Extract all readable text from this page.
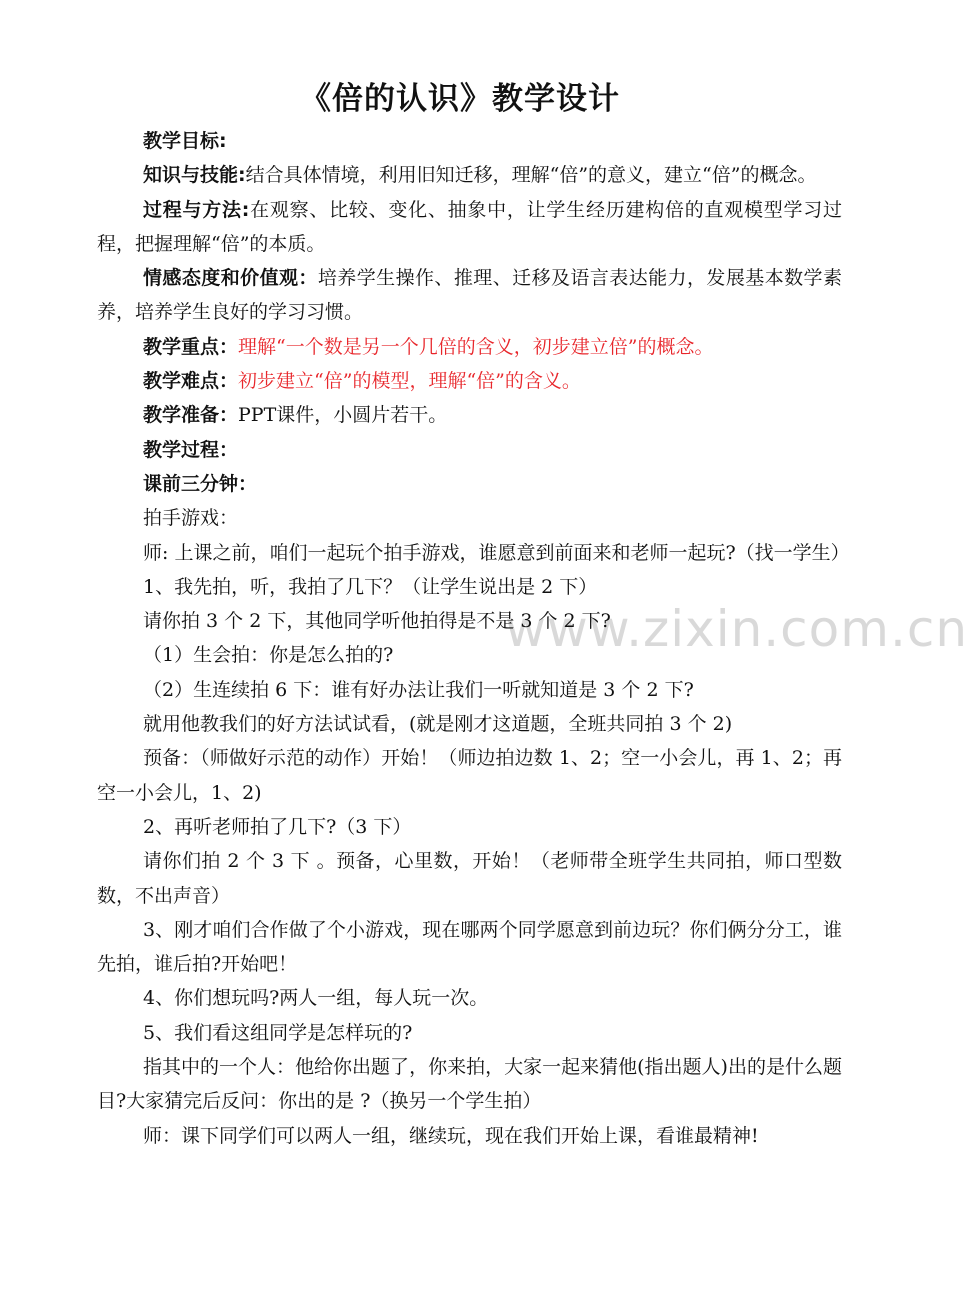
www.zixin.com.cn
《倍的认识》教学设计

教学目标:

知识与技能:结合具体情境，利用旧知迁移，理解“倍”的意义，建立“倍”的概念。

过程与方法:在观察、比较、变化、抽象中，让学生经历建构倍的直观模型学习过程，把握理解“倍”的本质。

情感态度和价值观：培养学生操作、推理、迁移及语言表达能力，发展基本数学素养，培养学生良好的学习习惯。

教学重点：理解“一个数是另一个几倍的含义，初步建立倍”的概念。

教学难点：初步建立“倍”的模型，理解“倍”的含义。

教学准备：PPT课件，小圆片若干。

教学过程：

课前三分钟：

拍手游戏：

师: 上课之前，咱们一起玩个拍手游戏，谁愿意到前面来和老师一起玩?（找一学生）

1、我先拍，听，我拍了几下？（让学生说出是 2 下）

请你拍 3 个 2 下，其他同学听他拍得是不是 3 个 2 下?

（1）生会拍：你是怎么拍的?

（2）生连续拍 6 下：谁有好办法让我们一听就知道是 3 个 2 下?

就用他教我们的好方法试试看，(就是刚才这道题，全班共同拍 3 个 2)

预备：（师做好示范的动作）开始！（师边拍边数 1、2；空一小会儿，再 1、2；再空一小会儿，1、2)

2、再听老师拍了几下?（3 下）

请你们拍 2 个 3 下 。预备，心里数，开始！（老师带全班学生共同拍，师口型数数，不出声音）

3、刚才咱们合作做了个小游戏，现在哪两个同学愿意到前边玩？你们俩分分工，谁先拍，谁后拍?开始吧！

4、你们想玩吗?两人一组，每人玩一次。

5、我们看这组同学是怎样玩的?

指其中的一个人：他给你出题了，你来拍，大家一起来猜他(指出题人)出的是什么题目?大家猜完后反问：你出的是 ?（换另一个学生拍）

师：课下同学们可以两人一组，继续玩，现在我们开始上课，看谁最精神!
